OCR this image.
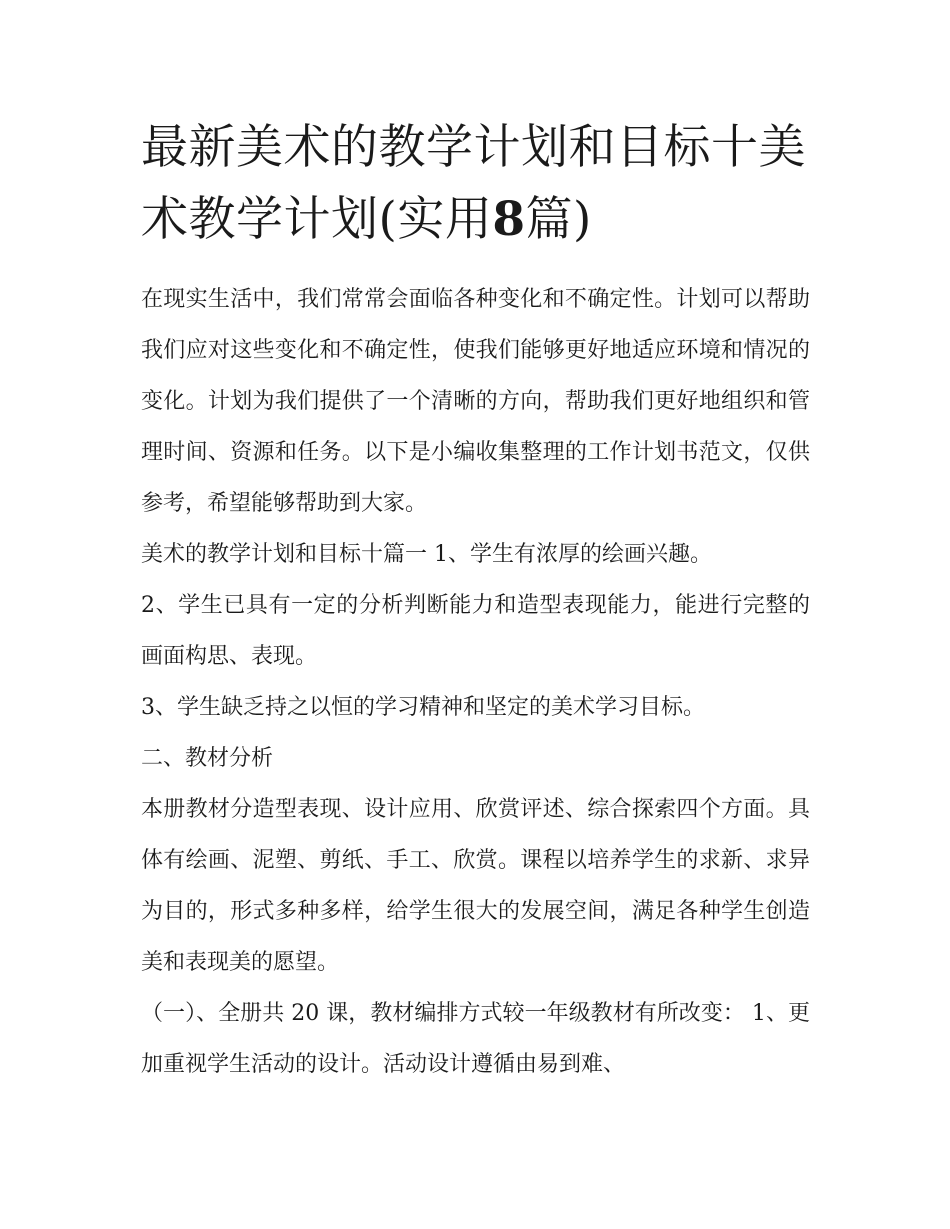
最新美术的教学计划和目标十美术教学计划(实用8篇)

在现实生活中，我们常常会面临各种变化和不确定性。计划可以帮助我们应对这些变化和不确定性，使我们能够更好地适应环境和情况的变化。计划为我们提供了一个清晰的方向，帮助我们更好地组织和管理时间、资源和任务。以下是小编收集整理的工作计划书范文，仅供参考，希望能够帮助到大家。

美术的教学计划和目标十篇一 1、学生有浓厚的绘画兴趣。

2、学生已具有一定的分析判断能力和造型表现能力，能进行完整的画面构思、表现。

3、学生缺乏持之以恒的学习精神和坚定的美术学习目标。

二、教材分析

本册教材分造型表现、设计应用、欣赏评述、综合探索四个方面。具体有绘画、泥塑、剪纸、手工、欣赏。课程以培养学生的求新、求异为目的，形式多种多样，给学生很大的发展空间，满足各种学生创造美和表现美的愿望。

（一）、全册共 20 课，教材编排方式较一年级教材有所改变： 1、更加重视学生活动的设计。活动设计遵循由易到难、
